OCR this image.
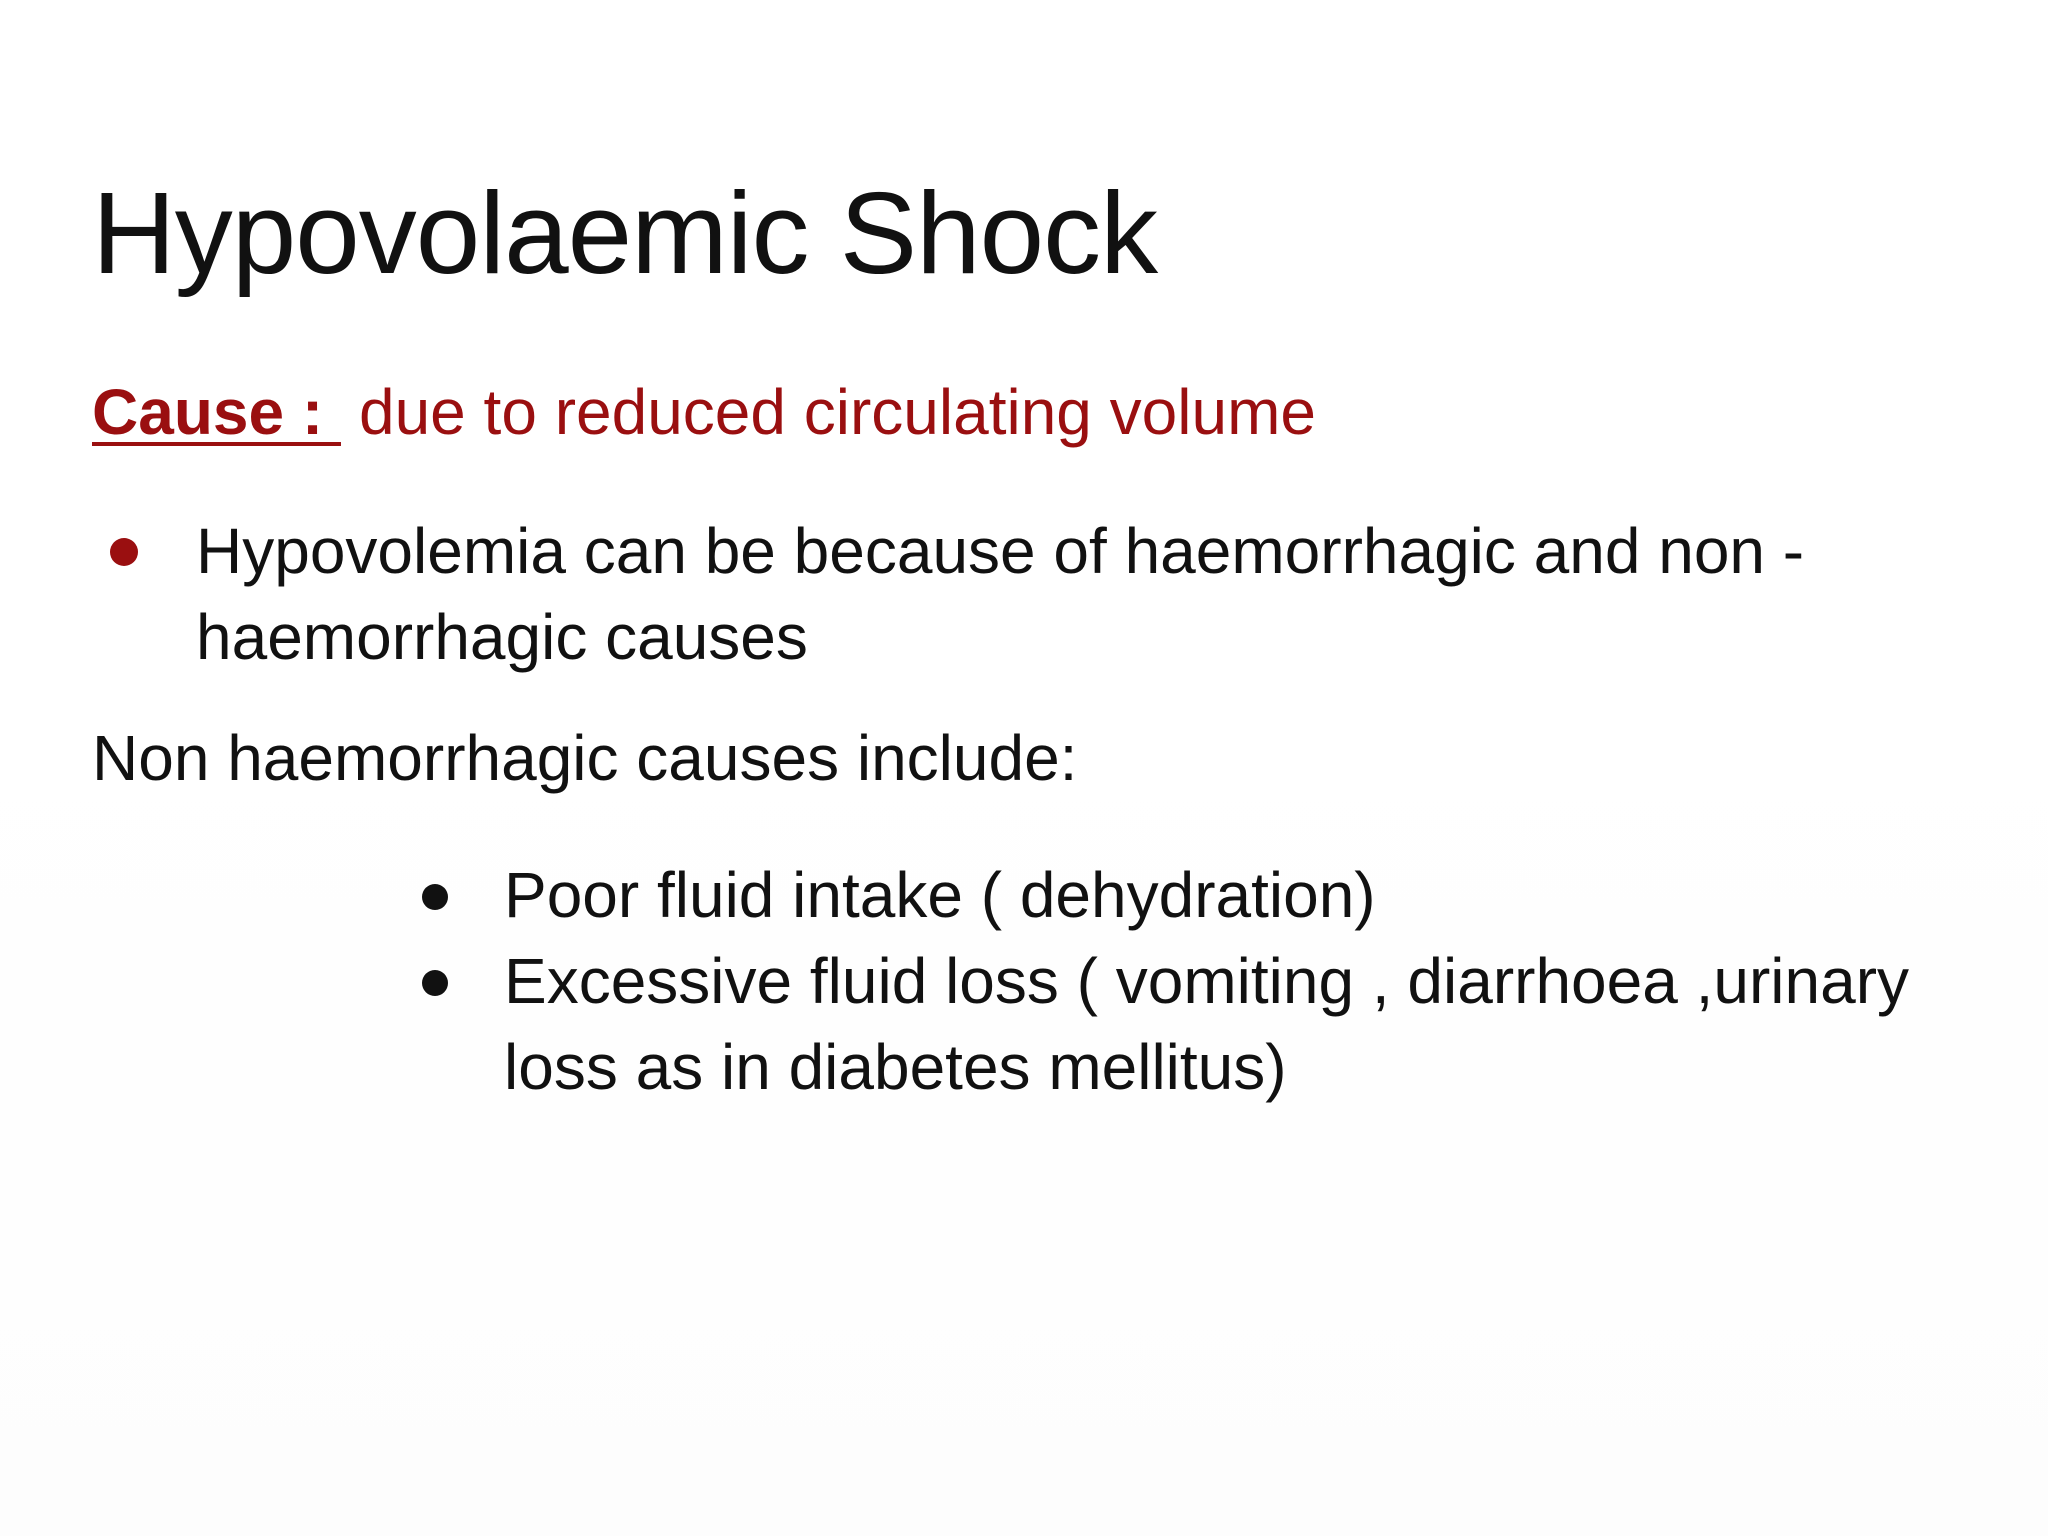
Hypovolaemic Shock
Cause : due to reduced circulating volume
Hypovolemia can be because of haemorrhagic and non - haemorrhagic causes
Non haemorrhagic causes include:
Poor fluid intake ( dehydration)
Excessive fluid loss ( vomiting , diarrhoea ,urinary loss as in diabetes mellitus)
